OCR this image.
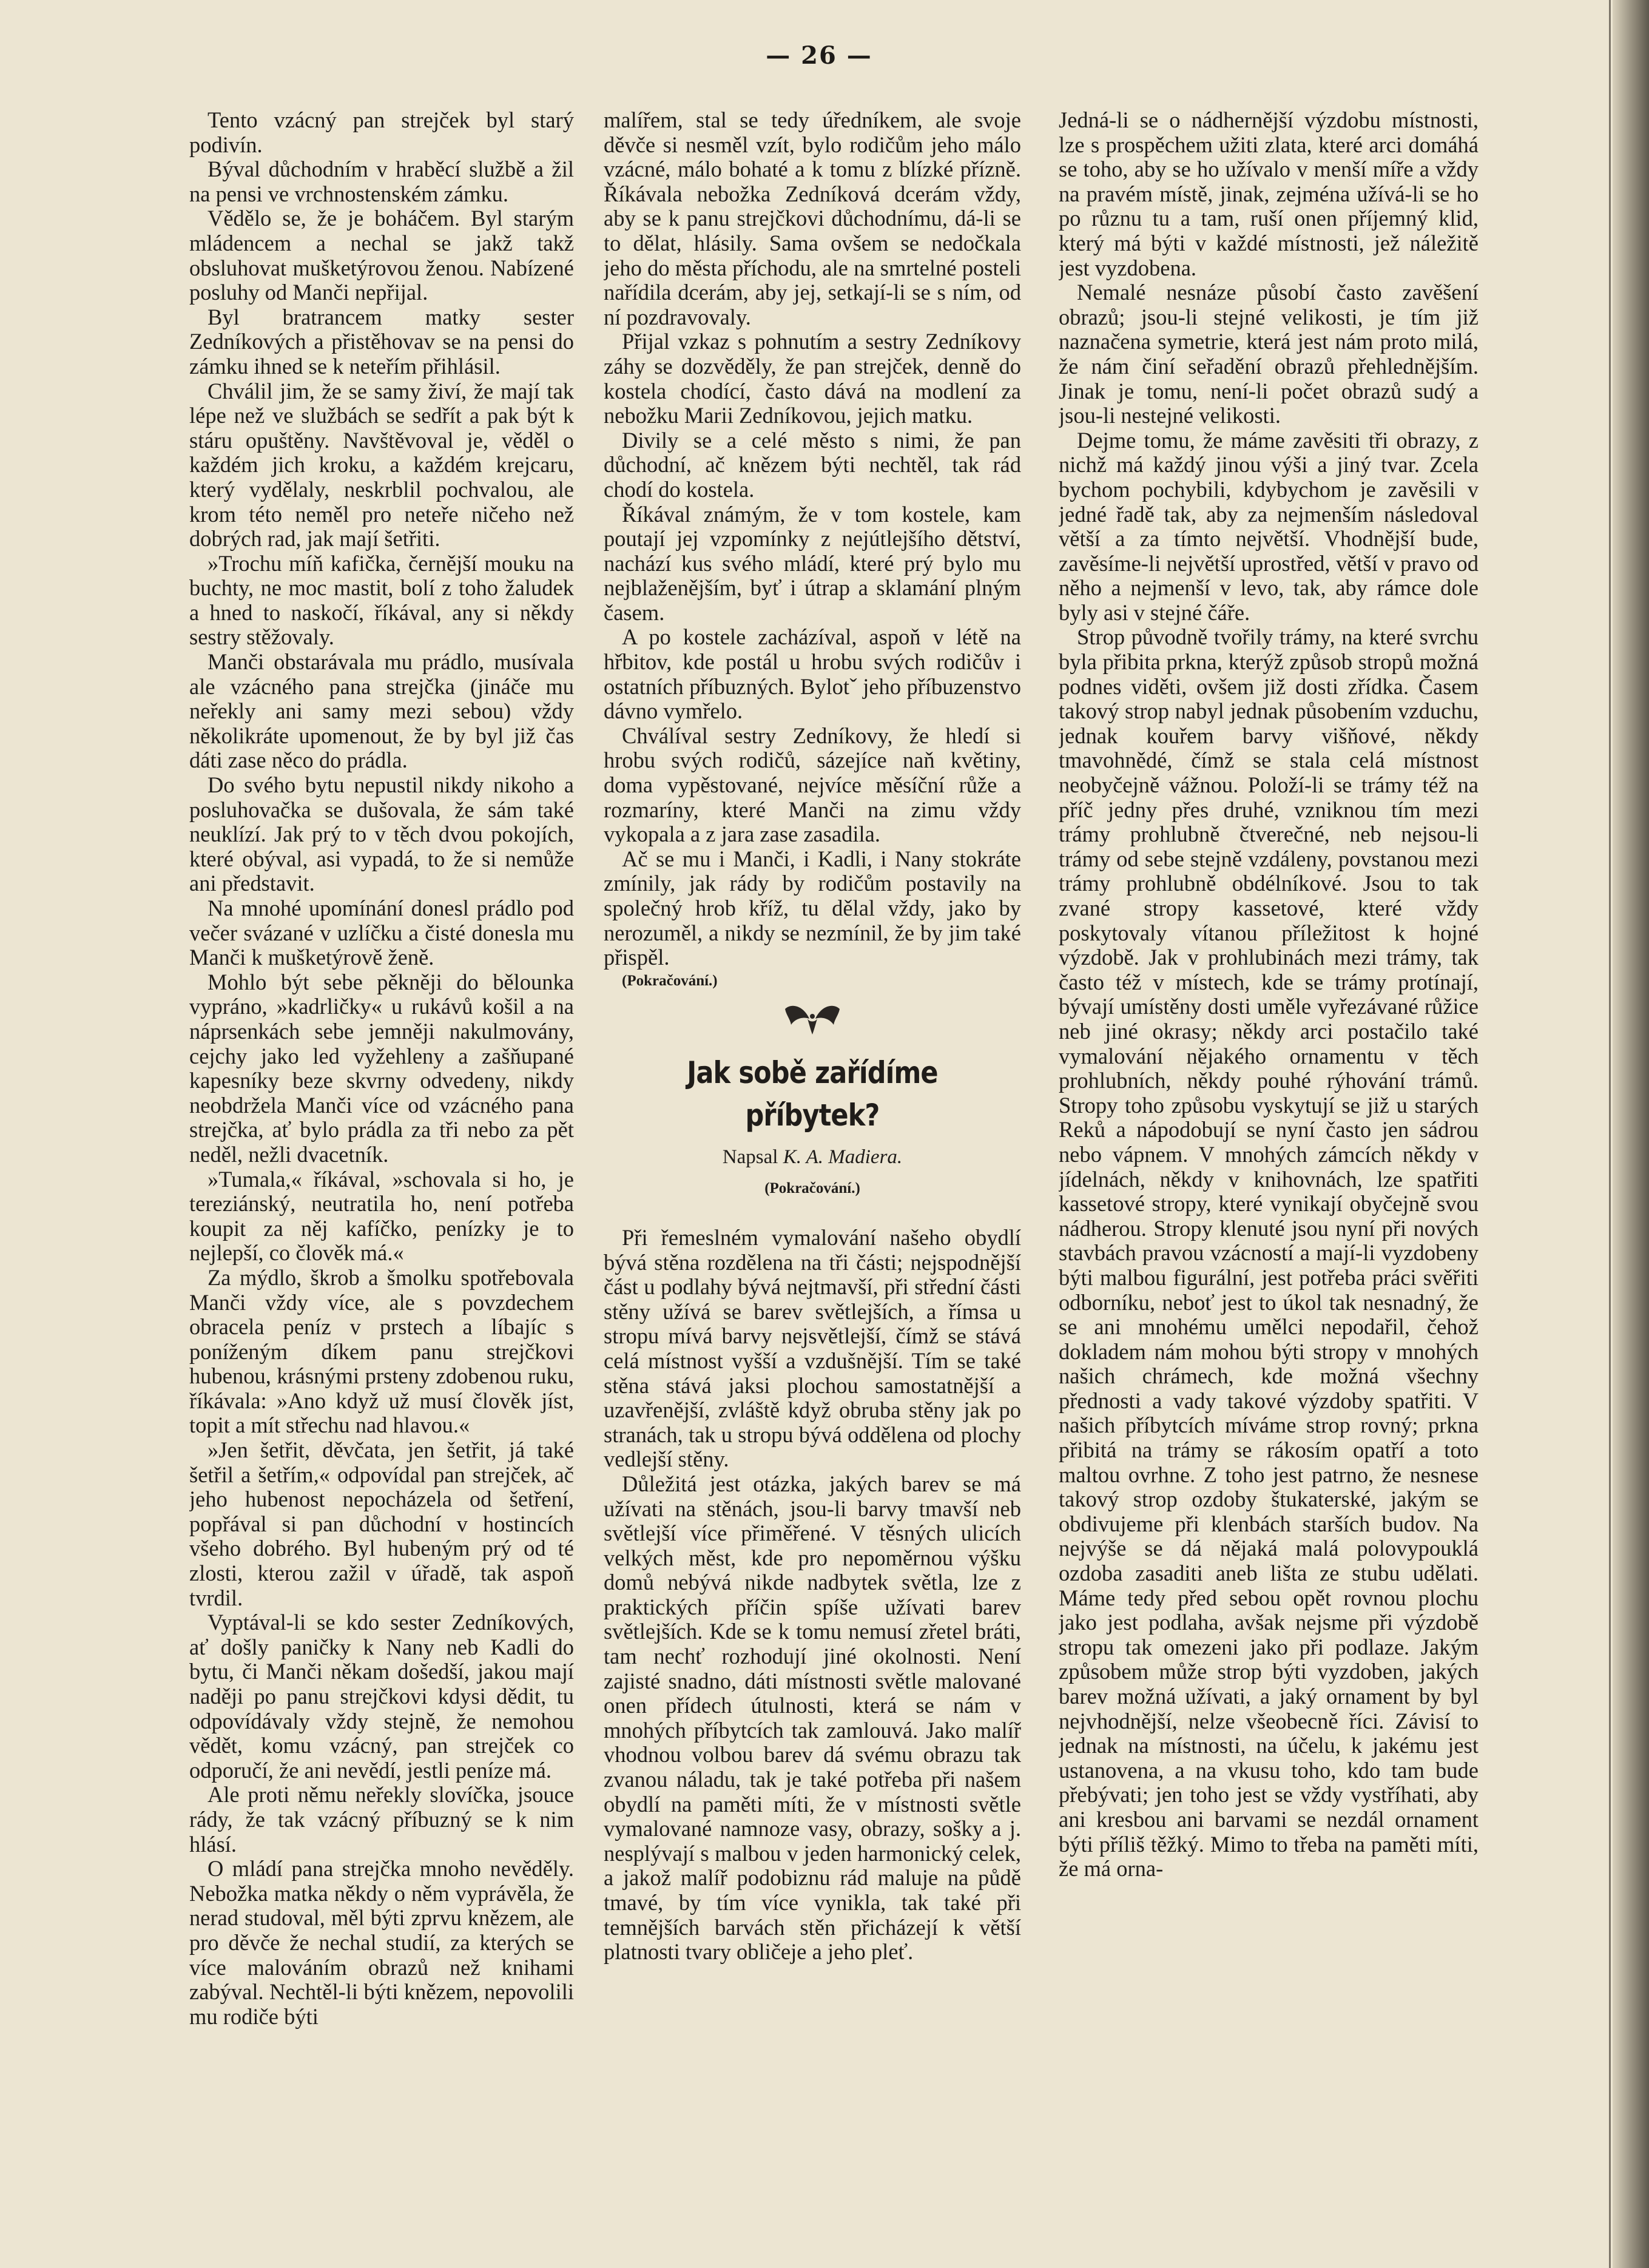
— 26 —

Tento vzácný pan strejček byl starý podivín.

Býval důchodním v hraběcí službě a žil na pensi ve vrchnostenském zámku.

Vědělo se, že je boháčem. Byl starým mládencem a nechal se jakž takž obsluhovat mušketýrovou ženou. Nabízené posluhy od Manči nepřijal.

Byl bratrancem matky sester Zedníkových a přistěhovav se na pensi do zámku ihned se k neteřím přihlásil.

Chválil jim, že se samy živí, že mají tak lépe než ve službách se sedřít a pak být k stáru opuštěny. Navštěvoval je, věděl o každém jich kroku, a každém krejcaru, který vydělaly, neskrblil pochvalou, ale krom této neměl pro neteře ničeho než dobrých rad, jak mají šetřiti.

»Trochu míň kafička, černější mouku na buchty, ne moc mastit, bolí z toho žaludek a hned to naskočí, říkával, any si někdy sestry stěžovaly.

Manči obstarávala mu prádlo, musívala ale vzácného pana strejčka (jináče mu neřekly ani samy mezi sebou) vždy několikráte upomenout, že by byl již čas dáti zase něco do prádla.

Do svého bytu nepustil nikdy nikoho a posluhovačka se dušovala, že sám také neuklízí. Jak prý to v těch dvou pokojích, které obýval, asi vypadá, to že si nemůže ani představit.

Na mnohé upomínání donesl prádlo pod večer svázané v uzlíčku a čisté donesla mu Manči k mušketýrově ženě.

Mohlo být sebe pěkněji do bělounka vypráno, »kadrličky« u rukávů košil a na náprsenkách sebe jemněji nakulmovány, cejchy jako led vyžehleny a zašňupané kapesníky beze skvrny odvedeny, nikdy neobdržela Manči více od vzácného pana strejčka, ať bylo prádla za tři nebo za pět neděl, nežli dvacetník.

»Tumala,« říkával, »schovala si ho, je tereziánský, neutratila ho, není potřeba koupit za něj kafíčko, penízky je to nejlepší, co člověk má.«

Za mýdlo, škrob a šmolku spotřebovala Manči vždy více, ale s povzdechem obracela peníz v prstech a líbajíc s poníženým díkem panu strejčkovi hubenou, krásnými prsteny zdobenou ruku, říkávala: »Ano když už musí člověk jíst, topit a mít střechu nad hlavou.«

»Jen šetřit, děvčata, jen šetřit, já také šetřil a šetřím,« odpovídal pan strejček, ač jeho hubenost nepocházela od šetření, popřával si pan důchodní v hostincích všeho dobrého. Byl hubeným prý od té zlosti, kterou zažil v úřadě, tak aspoň tvrdil.

Vyptával-li se kdo sester Zedníkových, ať došly paničky k Nany neb Kadli do bytu, či Manči někam došedší, jakou mají naději po panu strejčkovi kdysi dědit, tu odpovídávaly vždy stejně, že nemohou vědět, komu vzácný, pan strejček co odporučí, že ani nevědí, jestli peníze má.

Ale proti němu neřekly slovíčka, jsouce rády, že tak vzácný příbuzný se k nim hlásí.

O mládí pana strejčka mnoho nevěděly. Nebožka matka někdy o něm vyprávěla, že nerad studoval, měl býti zprvu knězem, ale pro děvče že nechal studií, za kterých se více malováním obrazů než knihami zabýval. Nechtěl-li býti knězem, nepovolili mu rodiče býti

malířem, stal se tedy úředníkem, ale svoje děvče si nesměl vzít, bylo rodičům jeho málo vzácné, málo bohaté a k tomu z blízké přízně. Říkávala nebožka Zedníková dcerám vždy, aby se k panu strejčkovi důchodnímu, dá-li se to dělat, hlásily. Sama ovšem se nedočkala jeho do města příchodu, ale na smrtelné posteli nařídila dcerám, aby jej, setkají-li se s ním, od ní pozdravovaly.

Přijal vzkaz s pohnutím a sestry Zedníkovy záhy se dozvěděly, že pan strejček, denně do kostela chodící, často dává na modlení za nebožku Marii Zedníkovou, jejich matku.

Divily se a celé město s nimi, že pan důchodní, ač knězem býti nechtěl, tak rád chodí do kostela.

Říkával známým, že v tom kostele, kam poutají jej vzpomínky z nejútlejšího dětství, nachází kus svého mládí, které prý bylo mu nejblaženějším, byť i útrap a sklamání plným časem.

A po kostele zacházíval, aspoň v létě na hřbitov, kde postál u hrobu svých rodičův i ostatních příbuzných. Bylotˇ jeho příbuzenstvo dávno vymřelo.

Chválíval sestry Zedníkovy, že hledí si hrobu svých rodičů, sázejíce naň květiny, doma vypěstované, nejvíce měsíční růže a rozmaríny, které Manči na zimu vždy vykopala a z jara zase zasadila.

Ač se mu i Manči, i Kadli, i Nany stokráte zmínily, jak rády by rodičům postavily na společný hrob kříž, tu dělal vždy, jako by nerozuměl, a nikdy se nezmínil, že by jim také přispěl.

(Pokračování.)

Jak sobě zařídíme příbytek?
Napsal K. A. Madiera.
(Pokračování.)

Při řemeslném vymalování našeho obydlí bývá stěna rozdělena na tři části; nejspodnější část u podlahy bývá nejtmavší, při střední části stěny užívá se barev světlejších, a římsa u stropu mívá barvy nejsvětlejší, čímž se stává celá místnost vyšší a vzdušnější. Tím se také stěna stává jaksi plochou samostatnější a uzavřenější, zvláště když obruba stěny jak po stranách, tak u stropu bývá oddělena od plochy vedlejší stěny.

Důležitá jest otázka, jakých barev se má užívati na stěnách, jsou-li barvy tmavší neb světlejší více přiměřené. V těsných ulicích velkých měst, kde pro nepoměrnou výšku domů nebývá nikde nadbytek světla, lze z praktických příčin spíše užívati barev světlejších. Kde se k tomu nemusí zřetel bráti, tam nechť rozhodují jiné okolnosti. Není zajisté snadno, dáti místnosti světle malované onen přídech útulnosti, která se nám v mnohých příbytcích tak zamlouvá. Jako malíř vhodnou volbou barev dá svému obrazu tak zvanou náladu, tak je také potřeba při našem obydlí na paměti míti, že v místnosti světle vymalované namnoze vasy, obrazy, sošky a j. nesplývají s malbou v jeden harmonický celek, a jakož malíř podobiznu rád maluje na půdě tmavé, by tím více vynikla, tak také při temnějších barvách stěn přicházejí k větší platnosti tvary obličeje a jeho pleť.

Jedná-li se o nádhernější výzdobu místnosti, lze s prospěchem užiti zlata, které arci domáhá se toho, aby se ho užívalo v menší míře a vždy na pravém místě, jinak, zejména užívá-li se ho po různu tu a tam, ruší onen příjemný klid, který má býti v každé místnosti, jež náležitě jest vyzdobena.

Nemalé nesnáze působí často zavěšení obrazů; jsou-li stejné velikosti, je tím již naznačena symetrie, která jest nám proto milá, že nám činí seřadění obrazů přehlednějším. Jinak je tomu, není-li počet obrazů sudý a jsou-li nestejné velikosti.

Dejme tomu, že máme zavěsiti tři obrazy, z nichž má každý jinou výši a jiný tvar. Zcela bychom pochybili, kdybychom je zavěsili v jedné řadě tak, aby za nejmenším následoval větší a za tímto největší. Vhodnější bude, zavěsíme-li největší uprostřed, větší v pravo od něho a nejmenší v levo, tak, aby rámce dole byly asi v stejné čáře.

Strop původně tvořily trámy, na které svrchu byla přibita prkna, kterýž způsob stropů možná podnes viděti, ovšem již dosti zřídka. Časem takový strop nabyl jednak působením vzduchu, jednak kouřem barvy višňové, někdy tmavohnědé, čímž se stala celá místnost neobyčejně vážnou. Položí-li se trámy též na příč jedny přes druhé, vzniknou tím mezi trámy prohlubně čtverečné, neb nejsou-li trámy od sebe stejně vzdáleny, povstanou mezi trámy prohlubně obdélníkové. Jsou to tak zvané stropy kassetové, které vždy poskytovaly vítanou příležitost k hojné výzdobě. Jak v prohlubinách mezi trámy, tak často též v místech, kde se trámy protínají, bývají umístěny dosti uměle vyřezávané růžice neb jiné okrasy; někdy arci postačilo také vymalování nějakého ornamentu v těch prohlubních, někdy pouhé rýhování trámů. Stropy toho způsobu vyskytují se již u starých Reků a nápodobují se nyní často jen sádrou nebo vápnem. V mnohých zámcích někdy v jídelnách, někdy v knihovnách, lze spatřiti kassetové stropy, které vynikají obyčejně svou nádherou. Stropy klenuté jsou nyní při nových stavbách pravou vzácností a mají-li vyzdobeny býti malbou figurální, jest potřeba práci svěřiti odborníku, neboť jest to úkol tak nesnadný, že se ani mnohému umělci nepodařil, čehož dokladem nám mohou býti stropy v mnohých našich chrámech, kde možná všechny přednosti a vady takové výzdoby spatřiti. V našich příbytcích míváme strop rovný; prkna přibitá na trámy se rákosím opatří a toto maltou ovrhne. Z toho jest patrno, že nesnese takový strop ozdoby štukaterské, jakým se obdivujeme při klenbách starších budov. Na nejvýše se dá nějaká malá polovypouklá ozdoba zasaditi aneb lišta ze stubu udělati. Máme tedy před sebou opět rovnou plochu jako jest podlaha, avšak nejsme při výzdobě stropu tak omezeni jako při podlaze. Jakým způsobem může strop býti vyzdoben, jakých barev možná užívati, a jaký ornament by byl nejvhodnější, nelze všeobecně říci. Závisí to jednak na místnosti, na účelu, k jakému jest ustanovena, a na vkusu toho, kdo tam bude přebývati; jen toho jest se vždy vystříhati, aby ani kresbou ani barvami se nezdál ornament býti příliš těžký. Mimo to třeba na paměti míti, že má orna-
